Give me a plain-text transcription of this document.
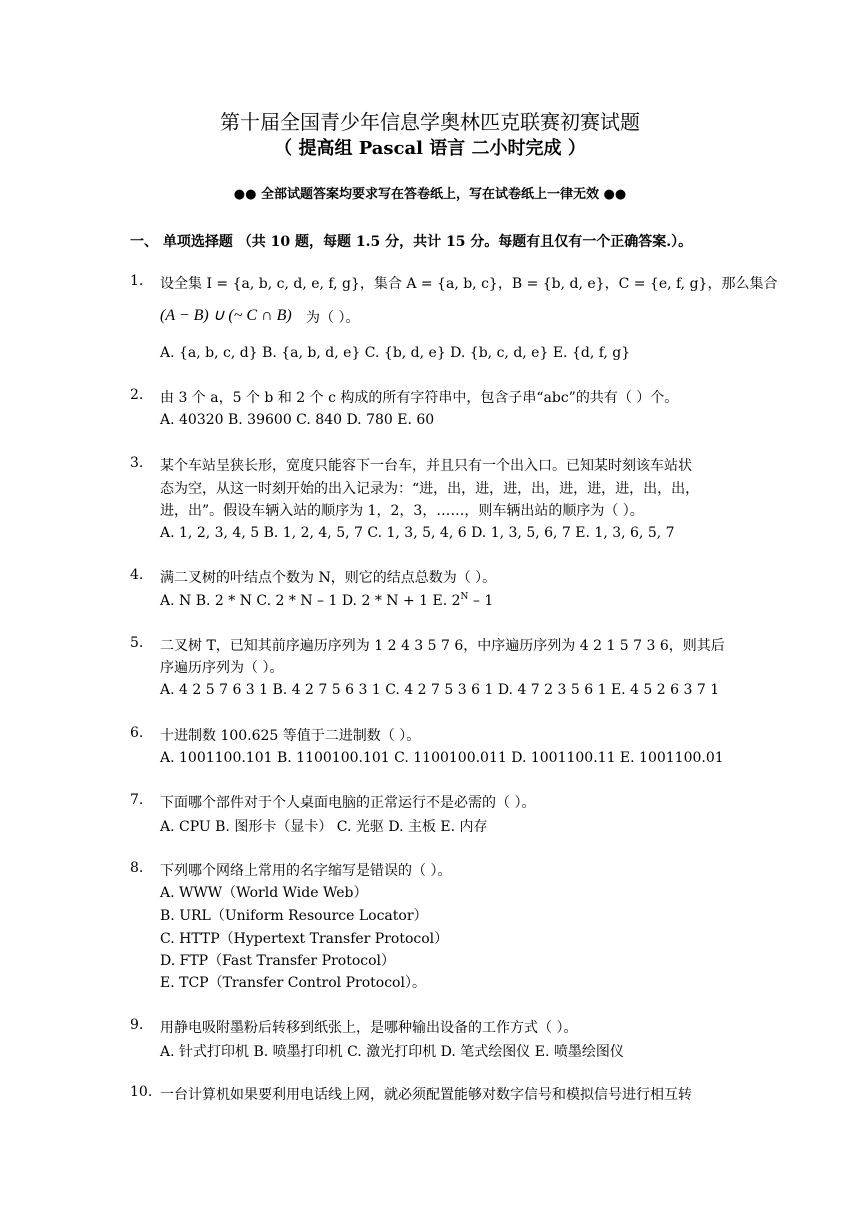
第十届全国青少年信息学奥林匹克联赛初赛试题
（ 提高组 Pascal 语言 二小时完成 ）
●● 全部试题答案均要求写在答卷纸上，写在试卷纸上一律无效 ●●
一、 单项选择题 （共 10 题，每题 1.5 分，共计 15 分。每题有且仅有一个正确答案.）。
1. 设全集 I = {a, b, c, d, e, f, g}，集合 A = {a, b, c}，B = {b, d, e}，C = {e, f, g}，那么集合
(A − B) ∪ (~ C ∩ B) 为（ ）。
A. {a, b, c, d} B. {a, b, d, e} C. {b, d, e} D. {b, c, d, e} E. {d, f, g}
2. 由 3 个 a，5 个 b 和 2 个 c 构成的所有字符串中，包含子串“abc”的共有（ ）个。
A. 40320 B. 39600 C. 840 D. 780 E. 60
3. 某个车站呈狭长形，宽度只能容下一台车，并且只有一个出入口。已知某时刻该车站状
态为空，从这一时刻开始的出入记录为：“进，出，进，进，出，进，进，进，出，出，
进，出”。假设车辆入站的顺序为 1，2，3，……，则车辆出站的顺序为（ ）。
A. 1, 2, 3, 4, 5 B. 1, 2, 4, 5, 7 C. 1, 3, 5, 4, 6 D. 1, 3, 5, 6, 7 E. 1, 3, 6, 5, 7
4. 满二叉树的叶结点个数为 N，则它的结点总数为（ ）。
A. N B. 2 * N C. 2 * N – 1 D. 2 * N + 1 E. $2^N - 1$
5. 二叉树 T，已知其前序遍历序列为 1 2 4 3 5 7 6，中序遍历序列为 4 2 1 5 7 3 6，则其后
序遍历序列为（ ）。
A. 4 2 5 7 6 3 1 B. 4 2 7 5 6 3 1 C. 4 2 7 5 3 6 1 D. 4 7 2 3 5 6 1 E. 4 5 2 6 3 7 1
6. 十进制数 100.625 等值于二进制数（ ）。
A. 1001100.101 B. 1100100.101 C. 1100100.011 D. 1001100.11 E. 1001100.01
7. 下面哪个部件对于个人桌面电脑的正常运行不是必需的（ ）。
A. CPU B. 图形卡（显卡） C. 光驱 D. 主板 E. 内存
8. 下列哪个网络上常用的名字缩写是错误的（ ）。
A. WWW（World Wide Web）
B. URL（Uniform Resource Locator）
C. HTTP（Hypertext Transfer Protocol）
D. FTP（Fast Transfer Protocol）
E. TCP（Transfer Control Protocol）。
9. 用静电吸附墨粉后转移到纸张上，是哪种输出设备的工作方式（ ）。
A. 针式打印机 B. 喷墨打印机 C. 激光打印机 D. 笔式绘图仪 E. 喷墨绘图仪
10. 一台计算机如果要利用电话线上网，就必须配置能够对数字信号和模拟信号进行相互转
